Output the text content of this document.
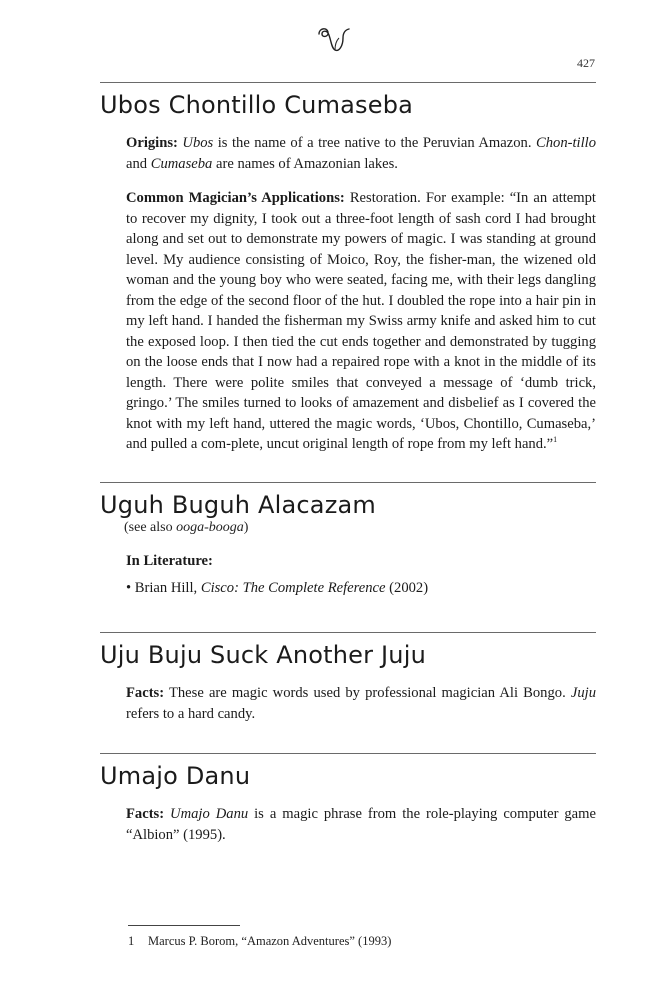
427
Ubos Chontillo Cumaseba

Origins: Ubos is the name of a tree native to the Peruvian Amazon. Chon-tillo and Cumaseba are names of Amazonian lakes.

Common Magician’s Applications: Restoration. For example: “In an attempt to recover my dignity, I took out a three-foot length of sash cord I had brought along and set out to demonstrate my powers of magic. I was standing at ground level. My audience consisting of Moico, Roy, the fisher-man, the wizened old woman and the young boy who were seated, facing me, with their legs dangling from the edge of the second floor of the hut. I doubled the rope into a hair pin in my left hand. I handed the fisherman my Swiss army knife and asked him to cut the exposed loop. I then tied the cut ends together and demonstrated by tugging on the loose ends that I now had a repaired rope with a knot in the middle of its length. There were polite smiles that conveyed a message of ‘dumb trick, gringo.’ The smiles turned to looks of amazement and disbelief as I covered the knot with my left hand, uttered the magic words, ‘Ubos, Chontillo, Cumaseba,’ and pulled a com-plete, uncut original length of rope from my left hand.”$^1$

Uguh Buguh Alacazam

(see also ooga-booga)

In Literature:

• Brian Hill, Cisco: The Complete Reference (2002)

Uju Buju Suck Another Juju

Facts: These are magic words used by professional magician Ali Bongo. Juju refers to a hard candy.

Umajo Danu

Facts: Umajo Danu is a magic phrase from the role-playing computer game “Albion” (1995).

1 Marcus P. Borom, “Amazon Adventures” (1993)
